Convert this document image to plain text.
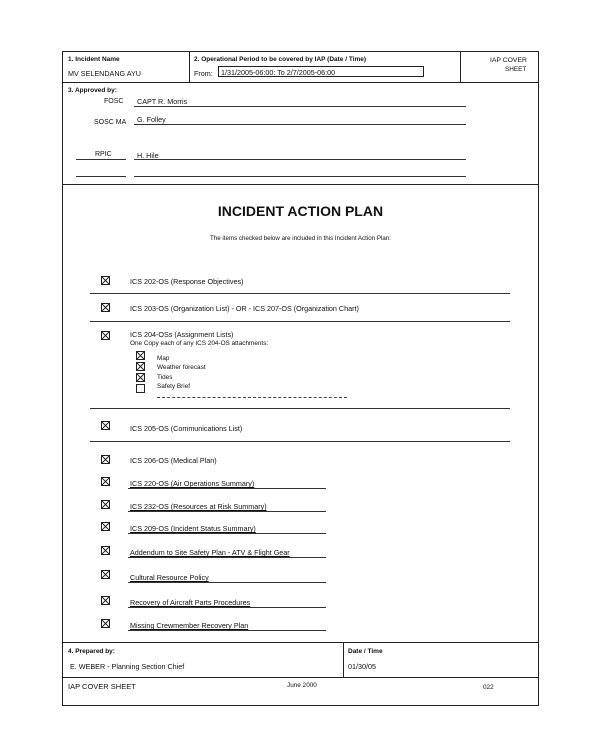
1. Incident Name
MV SELENDANG AYU
2. Operational Period to be covered by IAP (Date / Time)
From: 1/31/2005-06:00: To 2/7/2005-06:00
IAP COVER
SHEET
3. Approved by:
FOSC CAPT R. Morris
SOSC MA G. Folley
RPIC	H. Hile
INCIDENT ACTION PLAN
The items checked below are included in this Incident Action Plan:
ICS 202-OS (Response Objectives)
ICS 203-OS (Organization List) - OR - ICS 207-OS (Organization Chart)
ICS 204-OSs (Assignment Lists)
One Copy each of any ICS 204-OS attachments:
Map
Weather forecast
Tides
Safety Brief
ICS 205-OS (Communications List)
ICS 206-OS (Medical Plan)
ICS 220-OS (Air Operations Summary)
ICS 232-OS (Resources at Risk Summary)
ICS 209-OS (Incident Status Summary)
Addendum to Site Safety Plan - ATV & Flight Gear
Cultural Resource Policy
Recovery of Aircraft Parts Procedures
Missing Crewmember Recovery Plan
4. Prepared by:
E. WEBER - Planning Section Chief
Date / Time
01/30/05
IAP COVER SHEET	June 2000	022
